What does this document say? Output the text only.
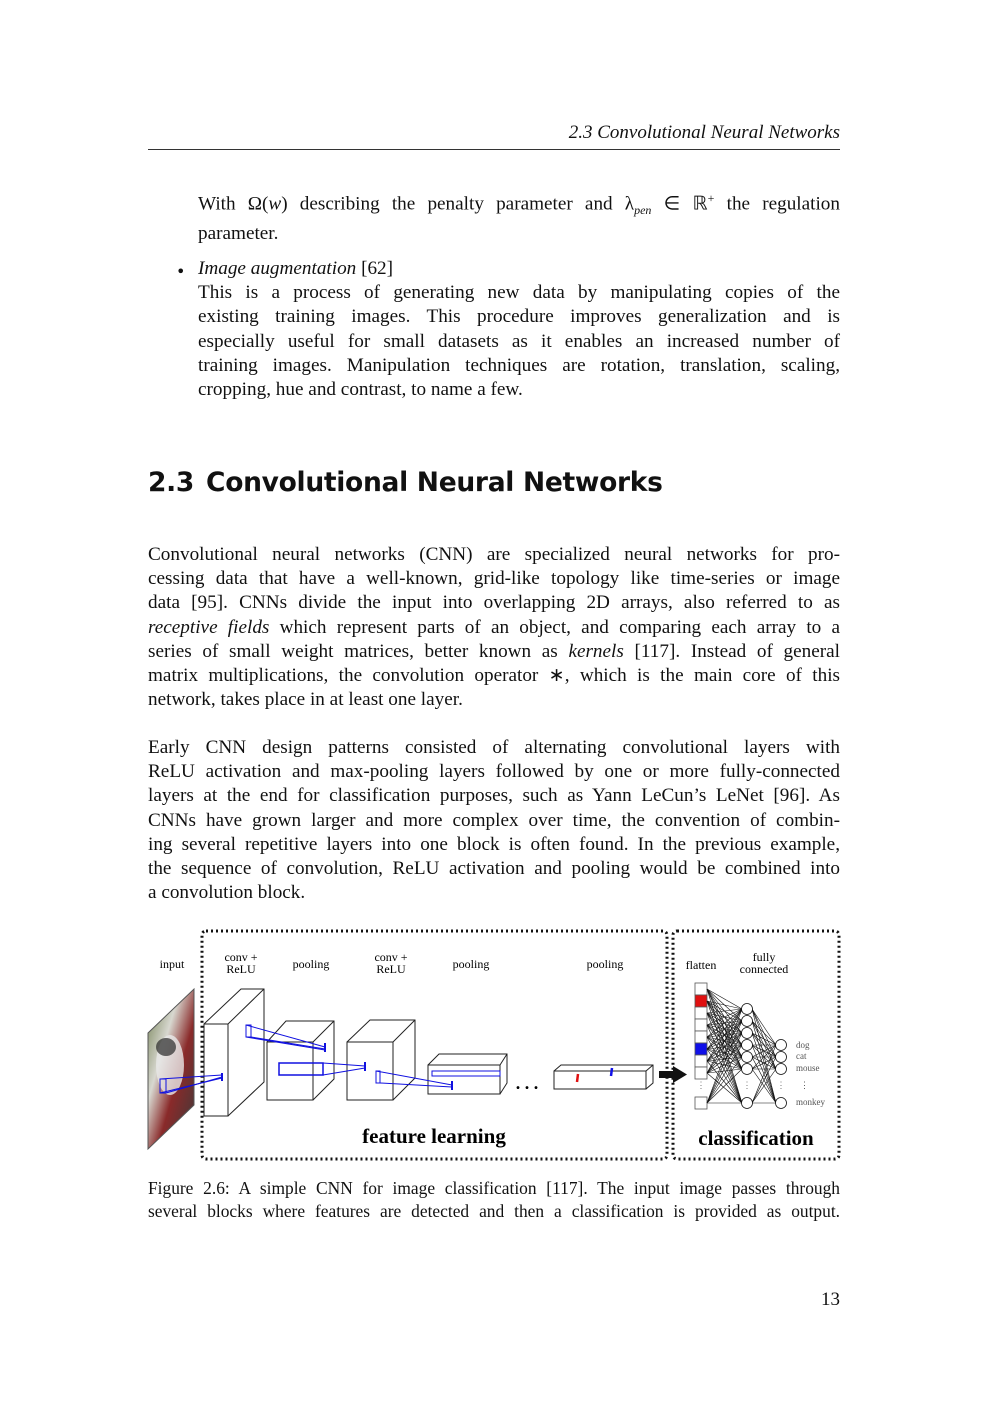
2.3 Convolutional Neural Networks
With Ω(w) describing the penalty parameter and $\lambda_{pen}$ ∈ ℝ+ the regulation
parameter.
• Image augmentation [62]
This is a process of generating new data by manipulating copies of the
existing training images. This procedure improves generalization and is
especially useful for small datasets as it enables an increased number of
training images. Manipulation techniques are rotation, translation, scaling,
cropping, hue and contrast, to name a few.
2.3 Convolutional Neural Networks
Convolutional neural networks (CNN) are specialized neural networks for pro-
cessing data that have a well-known, grid-like topology like time-series or image
data [95]. CNNs divide the input into overlapping 2D arrays, also referred to as
receptive fields which represent parts of an object, and comparing each array to a
series of small weight matrices, better known as kernels [117]. Instead of general
matrix multiplications, the convolution operator ∗, which is the main core of this
network, takes place in at least one layer.
Early CNN design patterns consisted of alternating convolutional layers with
ReLU activation and max-pooling layers followed by one or more fully-connected
layers at the end for classification purposes, such as Yann LeCun’s LeNet [96]. As
CNNs have grown larger and more complex over time, the convention of combin-
ing several repetitive layers into one block is often found. In the previous example,
the sequence of convolution, ReLU activation and pooling would be combined into
a convolution block.
input	conv +
ReLU	pooling	conv +
ReLU	pooling	pooling	flatten
fully
connected
. . .	⋮	⋮	⋮
dog
cat
mouse
⋮
monkey
feature learning	classification
Figure 2.6: A simple CNN for image classification [117]. The input image passes through
several blocks where features are detected and then a classification is provided as output.
13
